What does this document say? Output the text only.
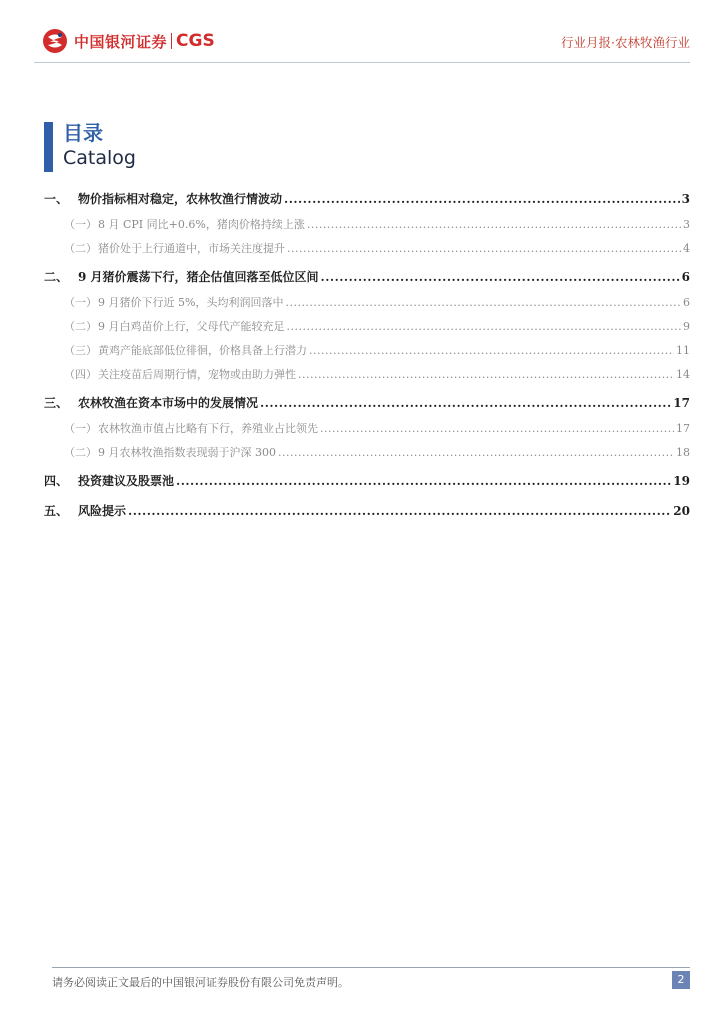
中国银河证券 CGS	行业月报·农林牧渔行业
目录
Catalog
一、 物价指标相对稳定，农林牧渔行情波动 .....	3
（一） 8 月 CPI 同比+0.6%，猪肉价格持续上涨 .....	3
（二） 猪价处于上行通道中，市场关注度提升 .....	4
二、 9 月猪价震荡下行，猪企估值回落至低位区间 .....	6
（一） 9 月猪价下行近 5%，头均利润回落中 .....	6
（二） 9 月白鸡苗价上行，父母代产能较充足 .....	9
（三） 黄鸡产能底部低位徘徊，价格具备上行潜力 .....	11
（四） 关注疫苗后周期行情，宠物或由助力弹性 .....	14
三、 农林牧渔在资本市场中的发展情况 .....	17
（一） 农林牧渔市值占比略有下行，养殖业占比领先 .....	17
（二） 9 月农林牧渔指数表现弱于沪深 300 .....	18
四、 投资建议及股票池 .....	19
五、 风险提示 .....	20
请务必阅读正文最后的中国银河证券股份有限公司免责声明。	2
